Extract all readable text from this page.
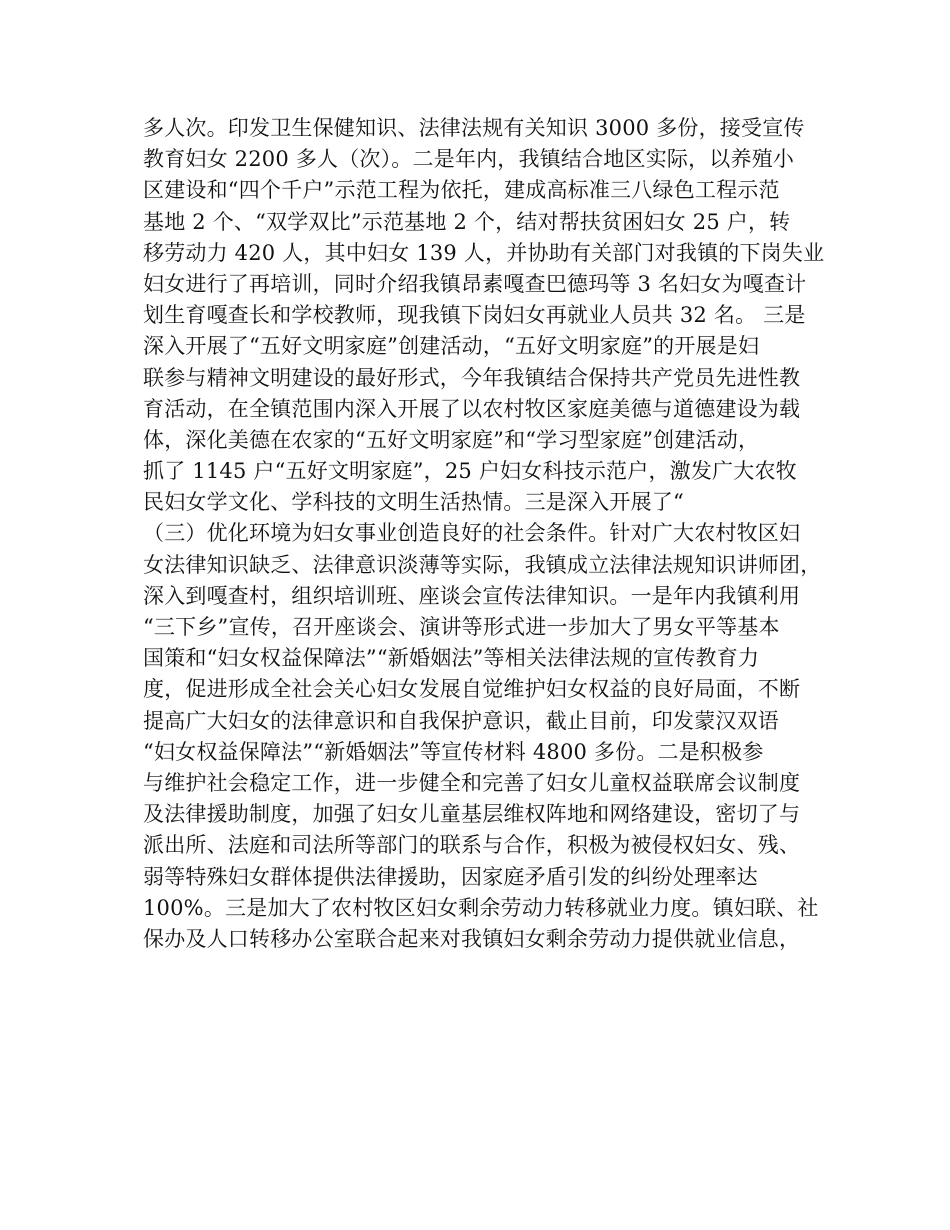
多人次。印发卫生保健知识、法律法规有关知识 3000 多份，接受宣传
教育妇女 2200 多人（次）。二是年内，我镇结合地区实际，以养殖小
区建设和“四个千户”示范工程为依托，建成高标准三八绿色工程示范
基地 2 个、“双学双比”示范基地 2 个，结对帮扶贫困妇女 25 户，转
移劳动力 420 人，其中妇女 139 人，并协助有关部门对我镇的下岗失业
妇女进行了再培训，同时介绍我镇昂素嘎查巴德玛等 3 名妇女为嘎查计
划生育嘎查长和学校教师，现我镇下岗妇女再就业人员共 32 名。 三是
深入开展了“五好文明家庭”创建活动，“五好文明家庭”的开展是妇
联参与精神文明建设的最好形式，今年我镇结合保持共产党员先进性教
育活动，在全镇范围内深入开展了以农村牧区家庭美德与道德建设为载
体，深化美德在农家的“五好文明家庭”和“学习型家庭”创建活动，
抓了 1145 户“五好文明家庭”，25 户妇女科技示范户，激发广大农牧
民妇女学文化、学科技的文明生活热情。三是深入开展了“
（三）优化环境为妇女事业创造良好的社会条件。针对广大农村牧区妇
女法律知识缺乏、法律意识淡薄等实际，我镇成立法律法规知识讲师团，
深入到嘎查村，组织培训班、座谈会宣传法律知识。一是年内我镇利用
“三下乡”宣传，召开座谈会、演讲等形式进一步加大了男女平等基本
国策和“妇女权益保障法”“新婚姻法”等相关法律法规的宣传教育力
度，促进形成全社会关心妇女发展自觉维护妇女权益的良好局面，不断
提高广大妇女的法律意识和自我保护意识，截止目前，印发蒙汉双语
“妇女权益保障法”“新婚姻法”等宣传材料 4800 多份。二是积极参
与维护社会稳定工作，进一步健全和完善了妇女儿童权益联席会议制度
及法律援助制度，加强了妇女儿童基层维权阵地和网络建设，密切了与
派出所、法庭和司法所等部门的联系与合作，积极为被侵权妇女、残、
弱等特殊妇女群体提供法律援助，因家庭矛盾引发的纠纷处理率达
100%。三是加大了农村牧区妇女剩余劳动力转移就业力度。镇妇联、社
保办及人口转移办公室联合起来对我镇妇女剩余劳动力提供就业信息，
